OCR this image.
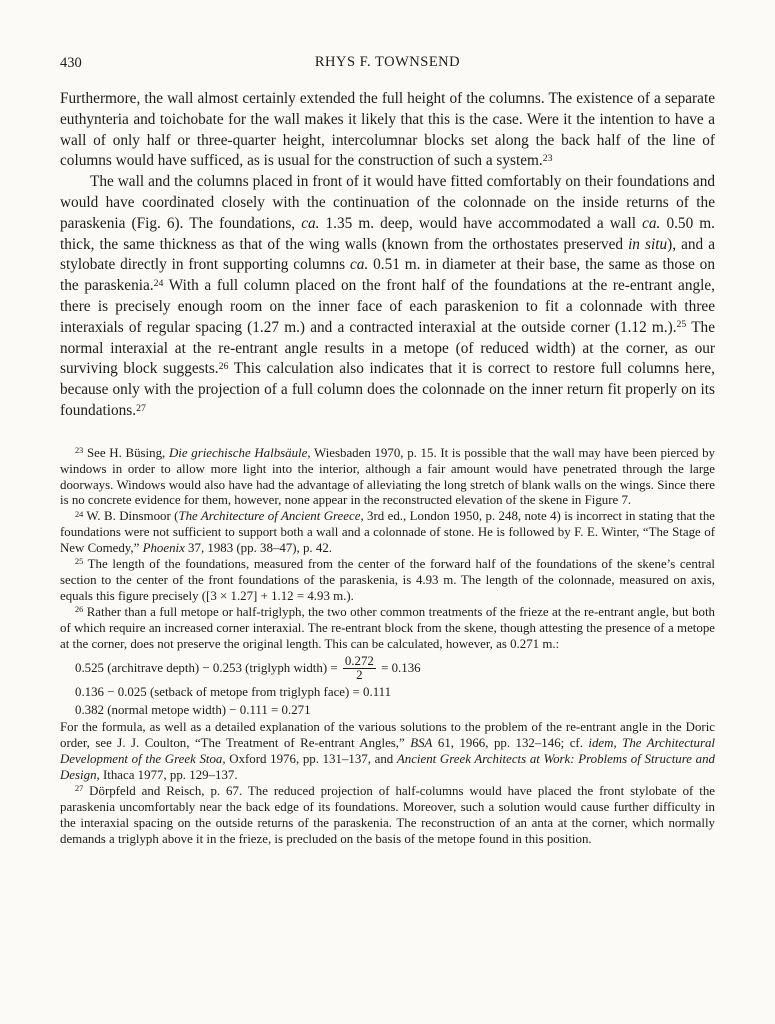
430	RHYS F. TOWNSEND

Furthermore, the wall almost certainly extended the full height of the columns. The existence of a separate euthynteria and toichobate for the wall makes it likely that this is the case. Were it the intention to have a wall of only half or three-quarter height, intercolumnar blocks set along the back half of the line of columns would have sufficed, as is usual for the construction of such a system.$^{23}$

The wall and the columns placed in front of it would have fitted comfortably on their foundations and would have coordinated closely with the continuation of the colonnade on the inside returns of the paraskenia (Fig. 6). The foundations, ca. 1.35 m. deep, would have accommodated a wall ca. 0.50 m. thick, the same thickness as that of the wing walls (known from the orthostates preserved in situ), and a stylobate directly in front supporting columns ca. 0.51 m. in diameter at their base, the same as those on the paraskenia.$^{24}$ With a full column placed on the front half of the foundations at the re-entrant angle, there is precisely enough room on the inner face of each paraskenion to fit a colonnade with three interaxials of regular spacing (1.27 m.) and a contracted interaxial at the outside corner (1.12 m.).$^{25}$ The normal interaxial at the re-entrant angle results in a metope (of reduced width) at the corner, as our surviving block suggests.$^{26}$ This calculation also indicates that it is correct to restore full columns here, because only with the projection of a full column does the colonnade on the inner return fit properly on its foundations.$^{27}$

$^{23}$ See H. Büsing, Die griechische Halbsäule, Wiesbaden 1970, p. 15. It is possible that the wall may have been pierced by windows in order to allow more light into the interior, although a fair amount would have penetrated through the large doorways. Windows would also have had the advantage of alleviating the long stretch of blank walls on the wings. Since there is no concrete evidence for them, however, none appear in the reconstructed elevation of the skene in Figure 7.

$^{24}$ W. B. Dinsmoor (The Architecture of Ancient Greece, 3rd ed., London 1950, p. 248, note 4) is incorrect in stating that the foundations were not sufficient to support both a wall and a colonnade of stone. He is followed by F. E. Winter, “The Stage of New Comedy,” Phoenix 37, 1983 (pp. 38–47), p. 42.

$^{25}$ The length of the foundations, measured from the center of the forward half of the foundations of the skene’s central section to the center of the front foundations of the paraskenia, is 4.93 m. The length of the colonnade, measured on axis, equals this figure precisely ([3 × 1.27] + 1.12 = 4.93 m.).

$^{26}$ Rather than a full metope or half-triglyph, the two other common treatments of the frieze at the re-entrant angle, but both of which require an increased corner interaxial. The re-entrant block from the skene, though attesting the presence of a metope at the corner, does not preserve the original length. This can be calculated, however, as 0.271 m.:

0.525 (architrave depth) − 0.253 (triglyph width) = $\frac{0.272}{2} = 0.136$

0.136 − 0.025 (setback of metope from triglyph face) = 0.111

0.382 (normal metope width) − 0.111 = 0.271

For the formula, as well as a detailed explanation of the various solutions to the problem of the re-entrant angle in the Doric order, see J. J. Coulton, “The Treatment of Re-entrant Angles,” BSA 61, 1966, pp. 132–146; cf. idem, The Architectural Development of the Greek Stoa, Oxford 1976, pp. 131–137, and Ancient Greek Architects at Work: Problems of Structure and Design, Ithaca 1977, pp. 129–137.

$^{27}$ Dörpfeld and Reisch, p. 67. The reduced projection of half-columns would have placed the front stylobate of the paraskenia uncomfortably near the back edge of its foundations. Moreover, such a solution would cause further difficulty in the interaxial spacing on the outside returns of the paraskenia. The reconstruction of an anta at the corner, which normally demands a triglyph above it in the frieze, is precluded on the basis of the metope found in this position.
